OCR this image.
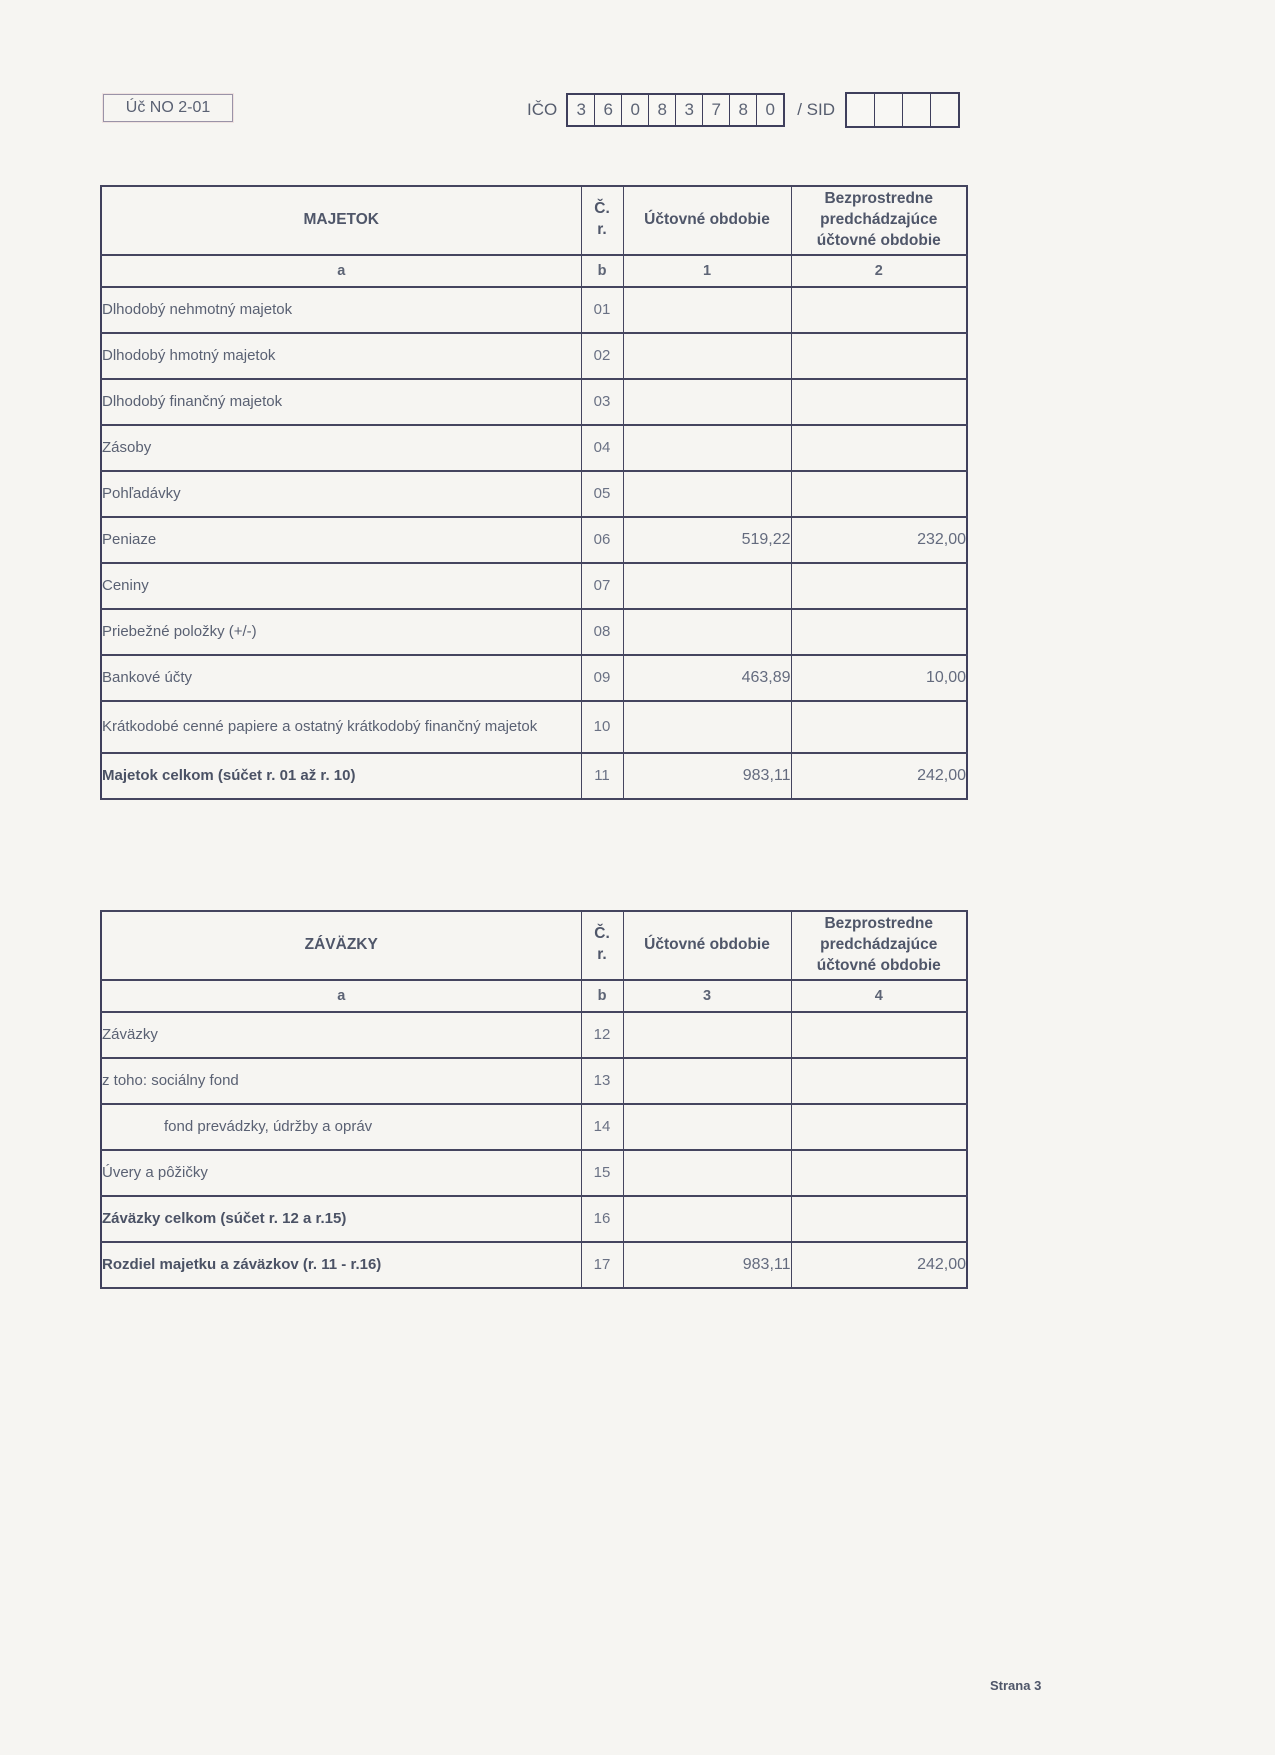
Úč NO 2-01	IČO	3	6	0	8	3	7	8	0	/ SID
MAJETOK	Č. r.	Účtovné obdobie	Bezprostredne predchádzajúce účtovné obdobie
a	b	1	2
Dlhodobý nehmotný majetok	01		
Dlhodobý hmotný majetok	02		
Dlhodobý finančný majetok	03		
Zásoby	04		
Pohľadávky	05		
Peniaze	06	519,22	232,00
Ceniny	07		
Priebežné položky (+/-)	08		
Bankové účty	09	463,89	10,00
Krátkodobé cenné papiere a ostatný krátkodobý finančný majetok	10		
Majetok celkom (súčet r. 01 až r. 10)	11	983,11	242,00
ZÁVÄZKY	Č. r.	Účtovné obdobie	Bezprostredne predchádzajúce účtovné obdobie
a	b	3	4
Záväzky	12		
z toho: sociálny fond	13		
fond prevádzky, údržby a opráv	14		
Úvery a pôžičky	15		
Záväzky celkom (súčet r. 12 a r.15)	16		
Rozdiel majetku a záväzkov (r. 11 - r.16)	17	983,11	242,00
Strana 3
